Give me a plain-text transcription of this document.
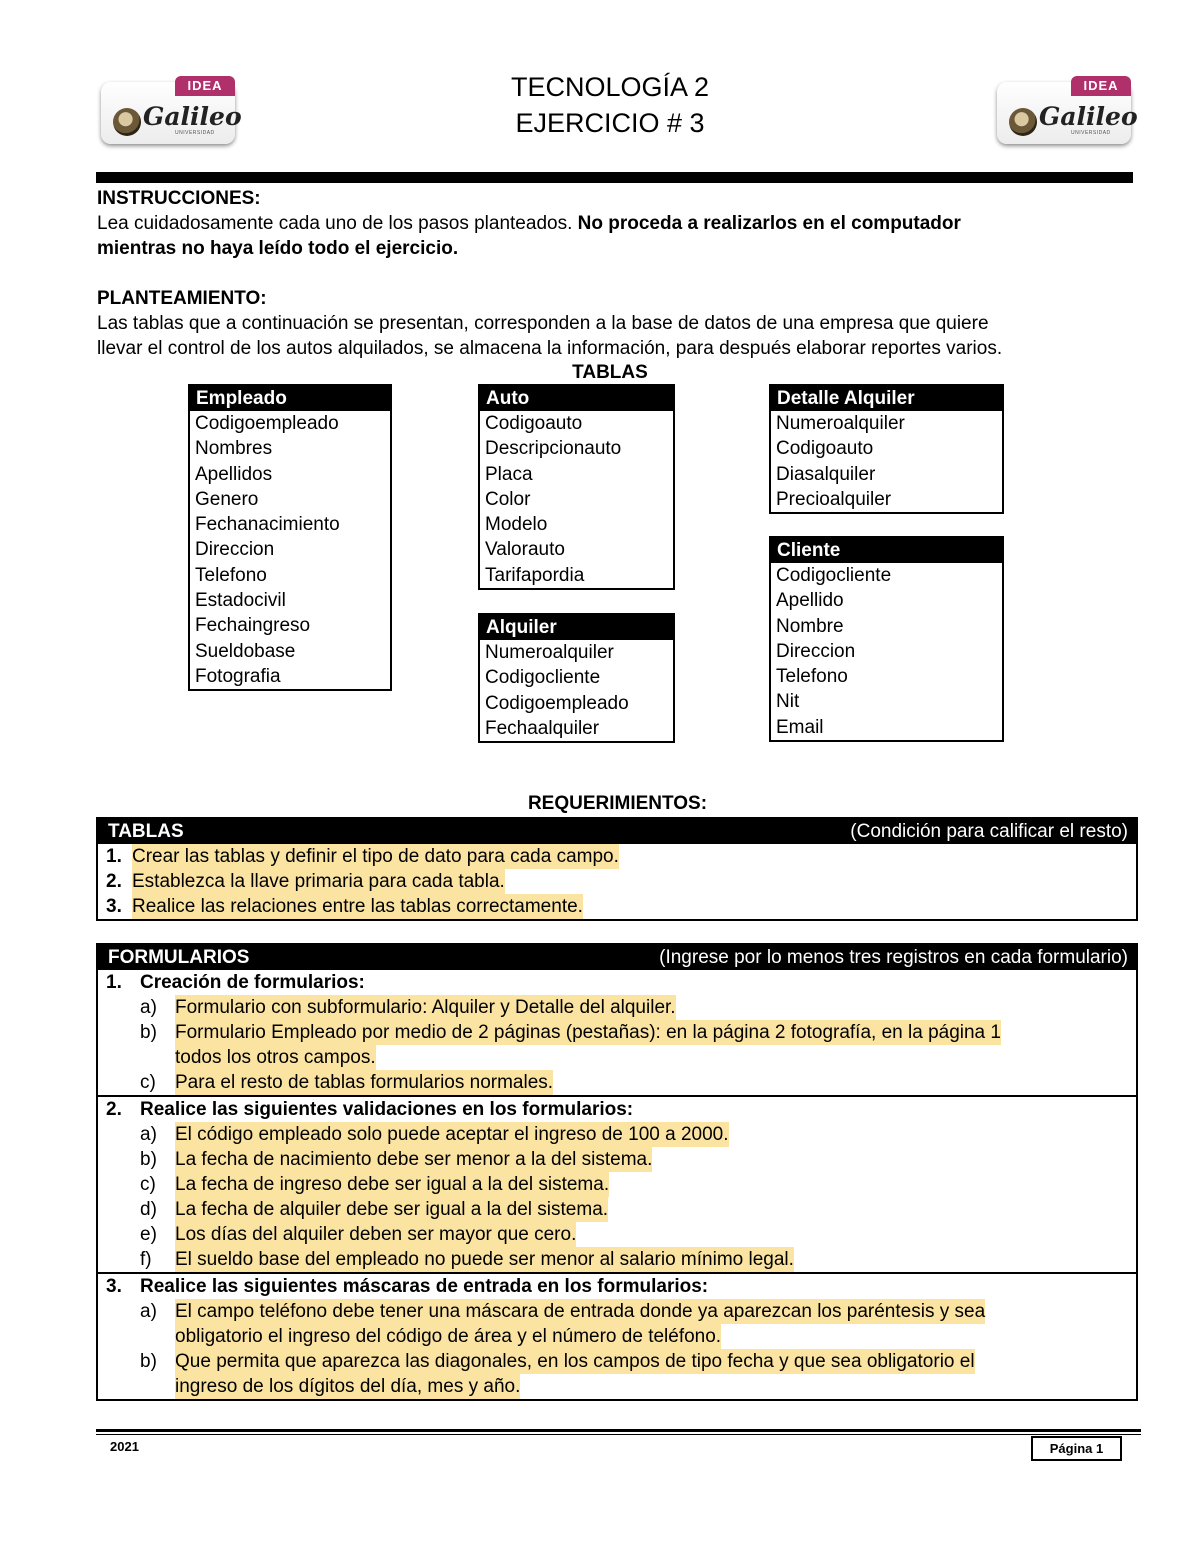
IDEA
Galileo
UNIVERSIDAD
IDEA
Galileo
UNIVERSIDAD
TECNOLOGÍA 2
EJERCICIO # 3
INSTRUCCIONES:
Lea cuidadosamente cada uno de los pasos planteados. No proceda a realizarlos en el computador
mientras no haya leído todo el ejercicio.
PLANTEAMIENTO:
Las tablas que a continuación se presentan, corresponden a la base de datos de una empresa que quiere
llevar el control de los autos alquilados, se almacena la información, para después elaborar reportes varios.
TABLAS
Empleado
Codigoempleado
Nombres
Apellidos
Genero
Fechanacimiento
Direccion
Telefono
Estadocivil
Fechaingreso
Sueldobase
Fotografia
Auto
Codigoauto
Descripcionauto
Placa
Color
Modelo
Valorauto
Tarifapordia
Alquiler
Numeroalquiler
Codigocliente
Codigoempleado
Fechaalquiler
Detalle Alquiler
Numeroalquiler
Codigoauto
Diasalquiler
Precioalquiler
Cliente
Codigocliente
Apellido
Nombre
Direccion
Telefono
Nit
Email
REQUERIMIENTOS:
TABLAS	(Condición para calificar el resto)
1. Crear las tablas y definir el tipo de dato para cada campo.
2. Establezca la llave primaria para cada tabla.
3. Realice las relaciones entre las tablas correctamente.
FORMULARIOS	(Ingrese por lo menos tres registros en cada formulario)
1. Creación de formularios:
a) Formulario con subformulario: Alquiler y Detalle del alquiler.
b) Formulario Empleado por medio de 2 páginas (pestañas): en la página 2 fotografía, en la página 1
todos los otros campos.
c) Para el resto de tablas formularios normales.
2. Realice las siguientes validaciones en los formularios:
a) El código empleado solo puede aceptar el ingreso de 100 a 2000.
b) La fecha de nacimiento debe ser menor a la del sistema.
c) La fecha de ingreso debe ser igual a la del sistema.
d) La fecha de alquiler debe ser igual a la del sistema.
e) Los días del alquiler deben ser mayor que cero.
f) El sueldo base del empleado no puede ser menor al salario mínimo legal.
3. Realice las siguientes máscaras de entrada en los formularios:
a) El campo teléfono debe tener una máscara de entrada donde ya aparezcan los paréntesis y sea
obligatorio el ingreso del código de área y el número de teléfono.
b) Que permita que aparezca las diagonales, en los campos de tipo fecha y que sea obligatorio el
ingreso de los dígitos del día, mes y año.
2021	Página 1
